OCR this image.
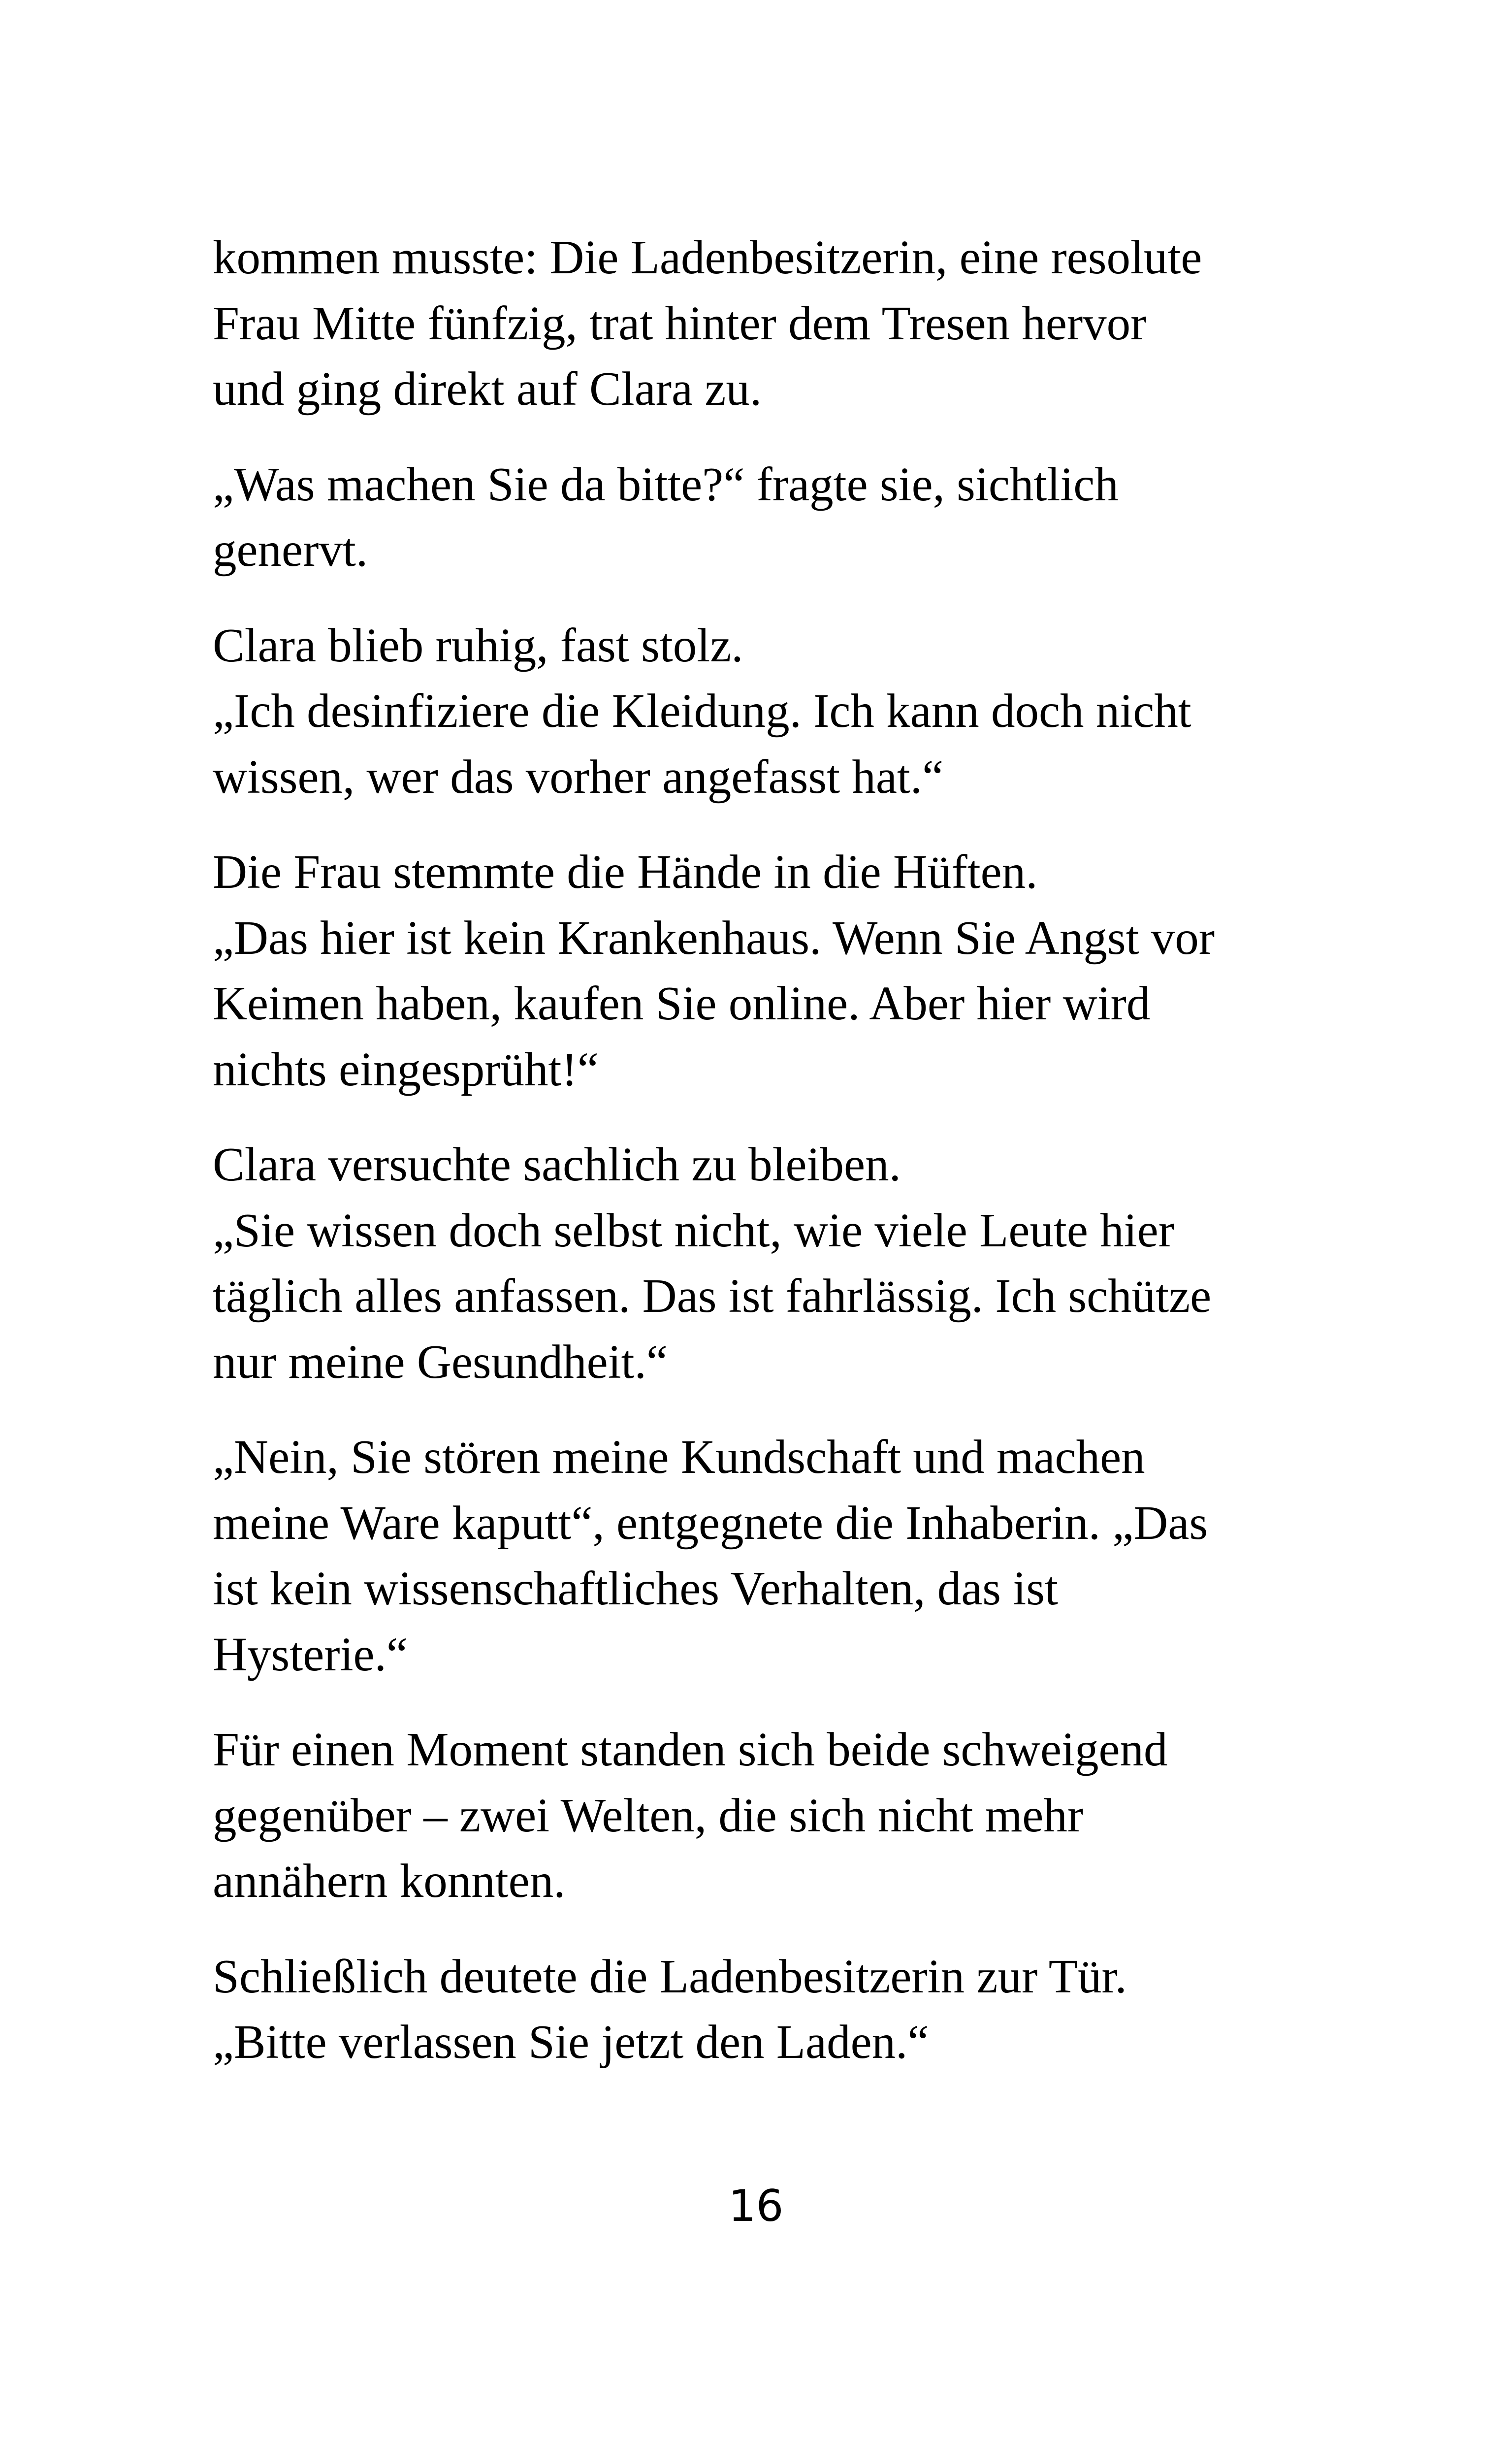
kommen musste: Die Ladenbesitzerin, eine resolute
Frau Mitte fünfzig, trat hinter dem Tresen hervor
und ging direkt auf Clara zu.

„Was machen Sie da bitte?“ fragte sie, sichtlich
genervt.

Clara blieb ruhig, fast stolz.
„Ich desinfiziere die Kleidung. Ich kann doch nicht
wissen, wer das vorher angefasst hat.“

Die Frau stemmte die Hände in die Hüften.
„Das hier ist kein Krankenhaus. Wenn Sie Angst vor
Keimen haben, kaufen Sie online. Aber hier wird
nichts eingesprüht!“

Clara versuchte sachlich zu bleiben.
„Sie wissen doch selbst nicht, wie viele Leute hier
täglich alles anfassen. Das ist fahrlässig. Ich schütze
nur meine Gesundheit.“

„Nein, Sie stören meine Kundschaft und machen
meine Ware kaputt“, entgegnete die Inhaberin. „Das
ist kein wissenschaftliches Verhalten, das ist
Hysterie.“

Für einen Moment standen sich beide schweigend
gegenüber – zwei Welten, die sich nicht mehr
annähern konnten.

Schließlich deutete die Ladenbesitzerin zur Tür.
„Bitte verlassen Sie jetzt den Laden.“

16
